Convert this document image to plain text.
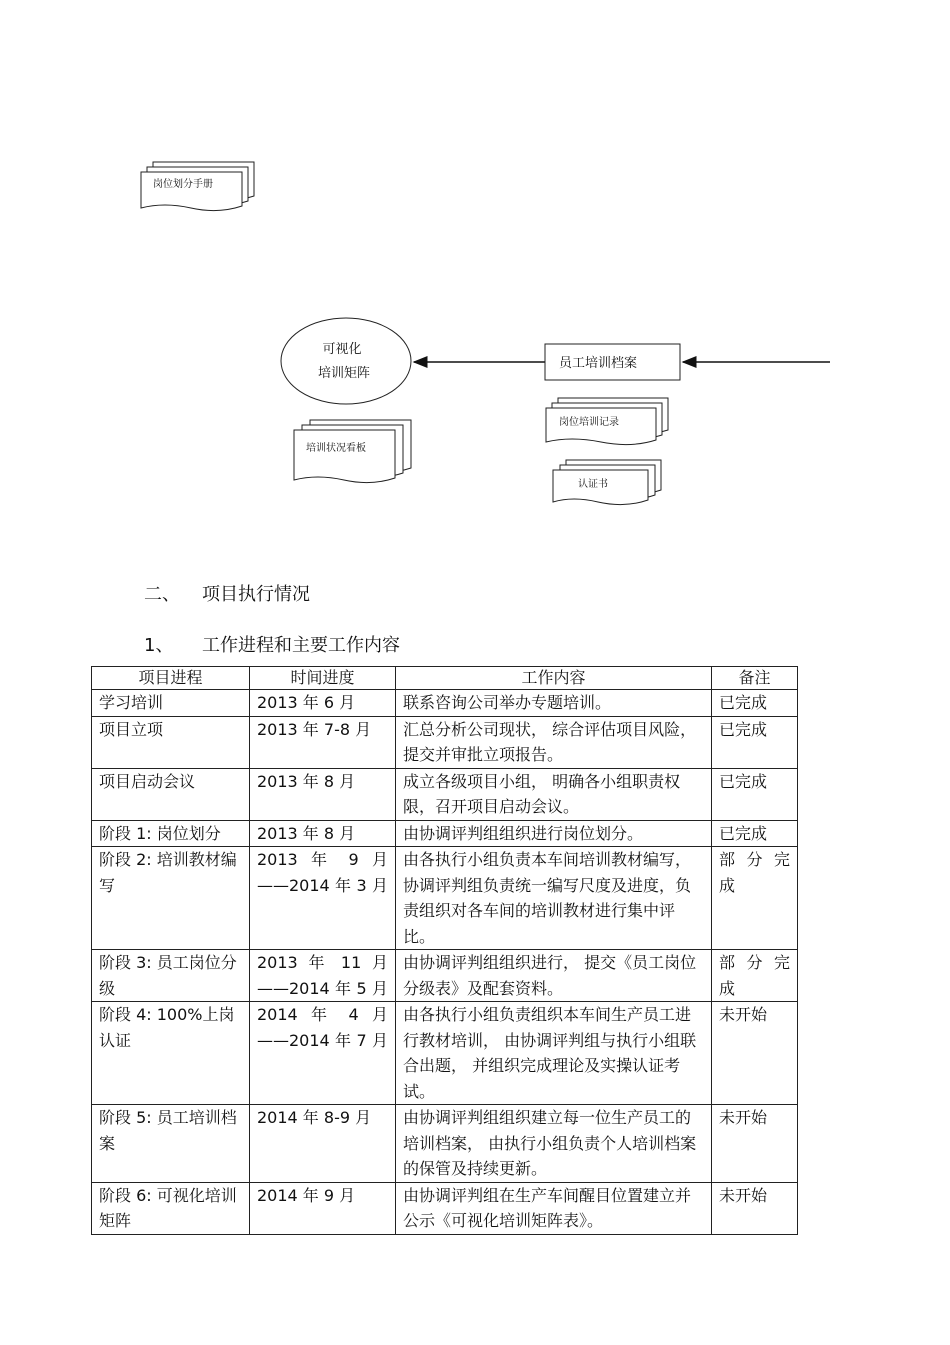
岗位划分手册
可视化
培训矩阵
员工培训档案
培训状况看板
岗位培训记录
认证书
二、 项目执行情况
1、 工作进程和主要工作内容
项目进程	时间进度	工作内容	备注
学习培训	2013 年 6 月	联系咨询公司举办专题培训。	已完成
项目立项	2013 年 7-8 月	汇总分析公司现状， 综合评估项目风险，提交并审批立项报告。	已完成
项目启动会议	2013 年 8 月	成立各级项目小组， 明确各小组职责权限，召开项目启动会议。	已完成
阶段 1: 岗位划分	2013 年 8 月	由协调评判组组织进行岗位划分。	已完成
阶段 2: 培训教材编写	2013 年 9 月 ——2014 年 3 月	由各执行小组负责本车间培训教材编写，协调评判组负责统一编写尺度及进度，负责组织对各车间的培训教材进行集中评比。	部 分 完成
阶段 3: 员工岗位分级	2013 年 11 月 ——2014 年 5 月	由协调评判组组织进行， 提交《员工岗位分级表》及配套资料。	部 分 完成
阶段 4: 100%上岗认证	2014 年 4 月 ——2014 年 7 月	由各执行小组负责组织本车间生产员工进行教材培训， 由协调评判组与执行小组联合出题， 并组织完成理论及实操认证考试。	未开始
阶段 5: 员工培训档案	2014 年 8-9 月	由协调评判组组织建立每一位生产员工的培训档案， 由执行小组负责个人培训档案的保管及持续更新。	未开始
阶段 6: 可视化培训矩阵	2014 年 9 月	由协调评判组在生产车间醒目位置建立并公示《可视化培训矩阵表》。	未开始
